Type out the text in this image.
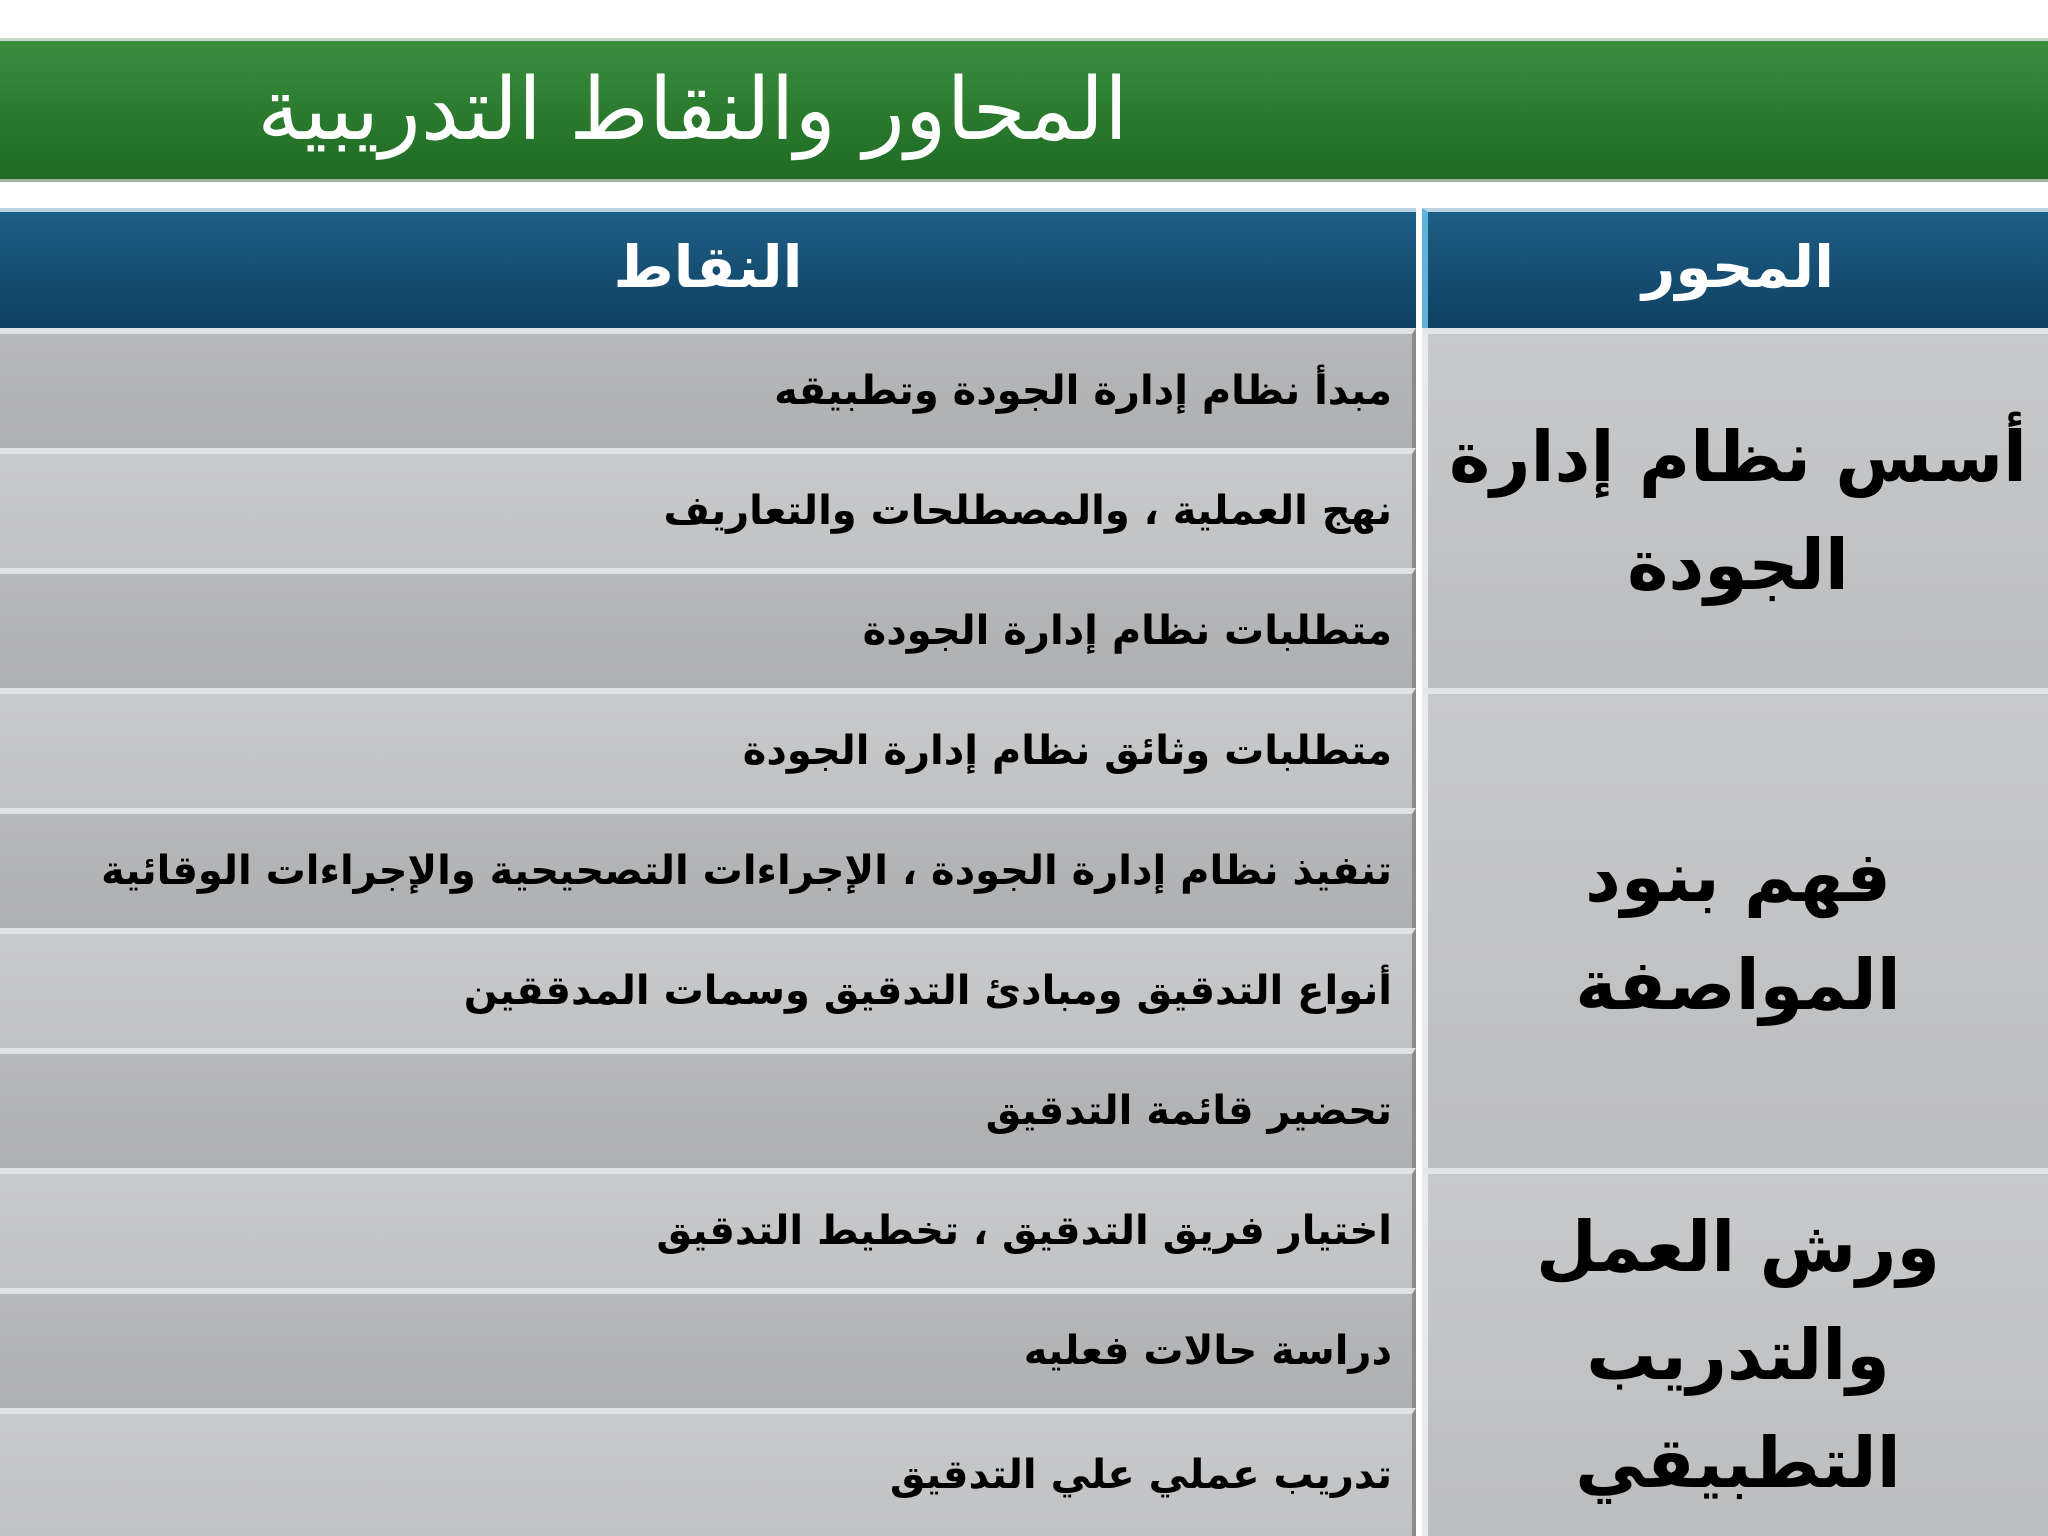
المحاور والنقاط التدريبية
المحور
النقاط
أسس نظام إدارة الجودة
مبدأ نظام إدارة الجودة وتطبيقه
نهج العملية ، والمصطلحات والتعاريف
متطلبات نظام إدارة الجودة
فهم بنود المواصفة
متطلبات وثائق نظام إدارة الجودة
تنفيذ نظام إدارة الجودة ، الإجراءات التصحيحية والإجراءات الوقائية
أنواع التدقيق ومبادئ التدقيق وسمات المدققين
تحضير قائمة التدقيق
ورش العمل والتدريب التطبيقي
اختيار فريق التدقيق ، تخطيط التدقيق
دراسة حالات فعليه
تدريب عملي علي التدقيق
